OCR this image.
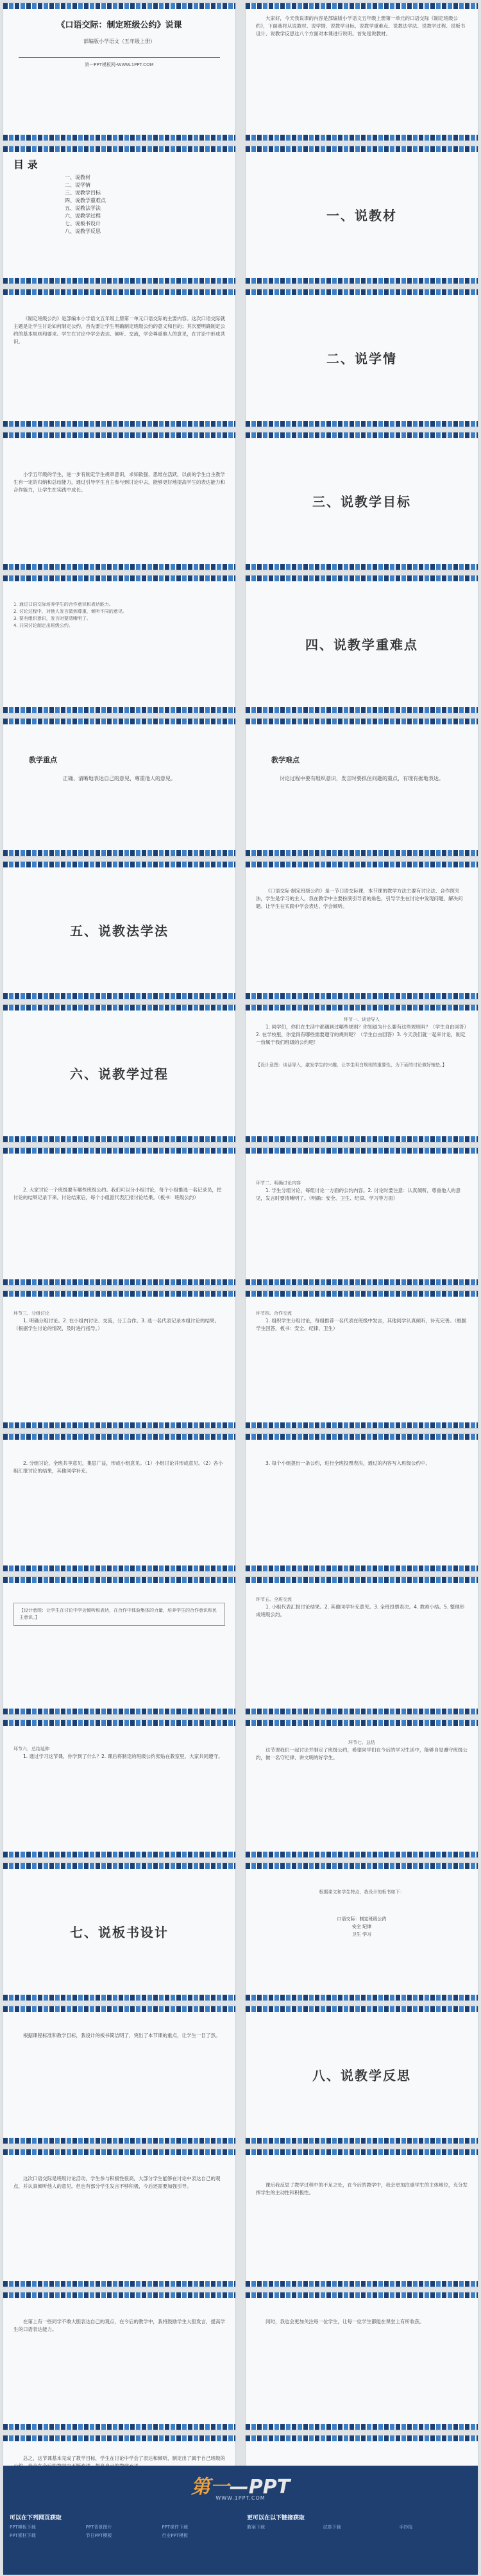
《口语交际：制定班级公约》说课
部编版小学语文（五年级上册）
第一PPT模板网-WWW.1PPT.COM

大家好，今天我说课的内容是部编版小学语文五年级上册第一单元的口语交际《制定班级公约》，下面我将从说教材、说学情、说教学目标、说教学重难点、说教法学法、说教学过程、说板书设计、说教学反思这八个方面对本课进行说明。首先是说教材。

目 录
一、说教材
二、说学情
三、说教学目标
四、说教学重难点
五、说教法学法
六、说教学过程
七、说板书设计
八、说教学反思
一、说教材

《制定班级公约》是部编本小学语文五年级上册第一单元口语交际的主要内容。这次口语交际就主题是让学生讨论如何制定公约，首先要让学生明确制定班级公约的意义和目的；其次要明确制定公约的基本规则和要求。学生在讨论中学会表达、倾听、交流，学会尊重他人的意见，在讨论中形成共识。

二、说学情

小学五年级的学生，进一步有制定学生规章意识，求知欲强，思维在活跃，以前的学生自主教学生有一定的归纳和总结能力，通过引导学生自主参与到讨论中去，能够更好地提高学生的表达能力和合作能力，让学生在实践中成长。

三、说教学目标
1. 通过口语交际培养学生的合作意识和表达能力。
2. 讨论过程中，对他人发言做到尊重，倾听不同的意见。
3. 要有组织意识，发言时要清晰明了。
4. 共同讨论制定出班级公约。
四、说教学重难点
教学重点
正确、清晰地表达自己的意见，尊重他人的意见。
教学难点
讨论过程中要有组织意识，发言时要抓住问题的重点，有理有据地表达。
五、说教法学法

《口语交际·制定班级公约》是一节口语交际课，本节课的教学方法主要有讨论法、合作探究法，学生是学习的主人，我在教学中主要扮演引导者的角色，引导学生在讨论中发现问题、解决问题。让学生在实践中学会表达、学会倾听。

六、说教学过程
环节一、谈话导入

1. 同学们，你们在生活中都遇到过哪些规则？你知道为什么要有这些规则吗？（学生自由回答）2. 在学校里，你觉得有哪些需要遵守的规则呢？（学生自由回答）3. 今天我们就一起来讨论，制定一份属于我们班级的公约吧！

【设计意图：谈话导入，激发学生的兴趣，让学生明白规则的重要性，为下面的讨论做好铺垫。】

2. 大家讨论一个班级要有哪些班级公约。我们可以分小组讨论，每个小组推选一名记录员，把讨论的结果记录下来。讨论结束后，每个小组派代表汇报讨论结果。（板书：班级公约）

环节二、明确讨论内容

1. 学生分组讨论，每组讨论一方面的公约内容。2. 讨论时要注意：认真倾听，尊重他人的意见，发言时要清晰明了。（明确：安全、卫生、纪律、学习等方面）

环节三、分组讨论

1. 明确分组讨论。2. 在小组内讨论、交流，分工合作。3. 选一名代表记录本组讨论的结果。（根据学生讨论的情况，及时进行指导。）

环节四、合作交流

1. 组织学生分组讨论，每组推荐一名代表在班级中发言，其他同学认真倾听，补充完善。（根据学生回答，板书：安全、纪律、卫生）

2. 分组讨论，全班共享意见，集思广益，形成小组意见。（1）小组讨论并形成意见。（2）各小组汇报讨论的结果，其他同学补充。

3. 每个小组提出一条公约，进行全班投票表决，通过的内容写入班级公约中。

【设计意图：让学生在讨论中学会倾听和表达，在合作中体验集体的力量，培养学生的合作意识和民主意识。】
环节五、全班交流

1. 小组代表汇报讨论结果。2. 其他同学补充意见。3. 全班投票表决。4. 教师小结。5. 整理形成班级公约。

环节六、总结延伸

1. 通过学习这节课，你学到了什么？2. 课后将制定的班级公约张贴在教室里，大家共同遵守。

环节七、总结

这节课我们一起讨论并制定了班级公约，希望同学们在今后的学习生活中，能够自觉遵守班级公约，做一名守纪律、讲文明的好学生。

七、说板书设计
根据课文和学生特点，我设计的板书如下：
口语交际：制定班级公约
安全 纪律
卫生 学习

根据课程标准和教学目标，我设计的板书简洁明了，突出了本节课的重点，让学生一目了然。

八、说教学反思

这次口语交际是班级讨论活动，学生参与积极性很高，大部分学生能够在讨论中表达自己的观点，并认真倾听他人的意见。但也有部分学生发言不够积极，今后还需要加强引导。	课后我反思了教学过程中的不足之处，在今后的教学中，我会更加注重学生的主体地位，充分发挥学生的主动性和积极性。

在第上有一些同学不敢大胆表达自己的观点，在今后的教学中，我将鼓励学生大胆发言，提高学生的口语表达能力。

同时，我也会更加关注每一位学生，让每一位学生都能在课堂上有所收获。

总之，这节课基本完成了教学目标，学生在讨论中学会了表达和倾听，制定出了属于自己班级的

第一—PPT
WWW.1PPT.COM
可以在下列网页获取
PPT模板下载	PPT背景图片	PPT课件下载
PPT素材下载	节日PPT模板	行业PPT模板
更可以在以下链接获取
教案下载	试卷下载	手抄报
